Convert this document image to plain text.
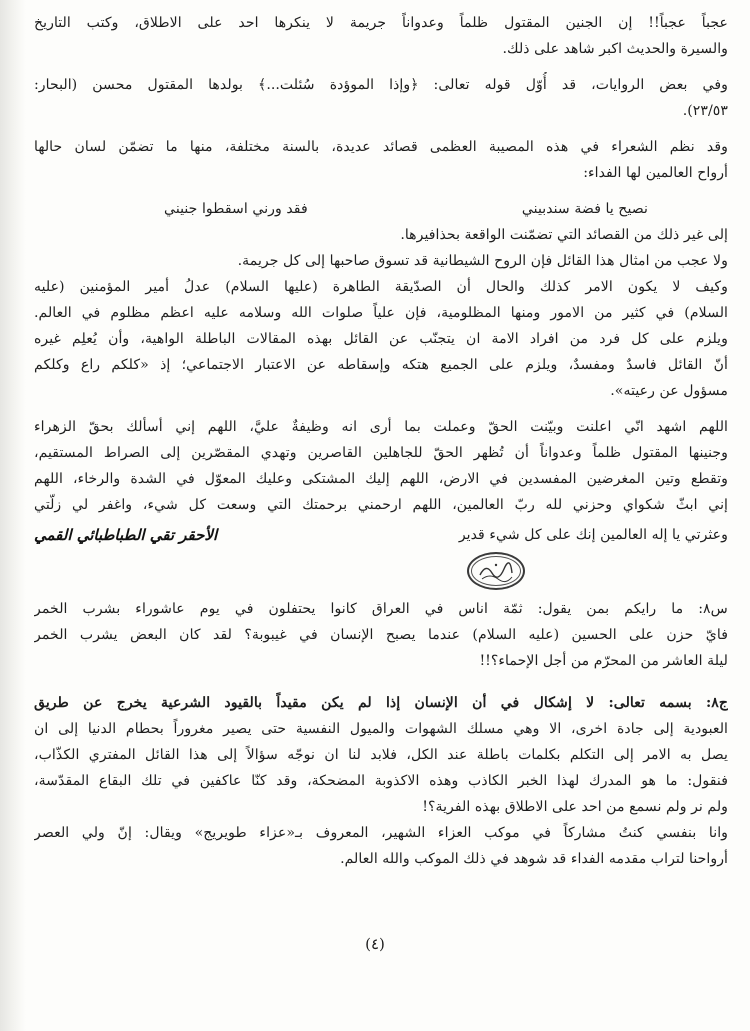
عجباً عجباً!! إن الجنين المقتول ظلماً وعدواناً جريمة لا ينكرها احد على الاطلاق، وكتب التاريخ
والسيرة والحديث اكبر شاهد على ذلك.
وفي بعض الروايات، قد أُوّل قوله تعالى: ﴿وإذا الموؤدة سُئلت...﴾ بولدها المقتول محسن (البحار:
٢٣/٥٣).
وقد نظم الشعراء في هذه المصيبة العظمى قصائد عديدة، بالسنة مختلفة، منها ما تضمّن لسان حالها
أرواح العالمين لها الفداء:
نصيح يا فضة سندبيني
فقد ورني اسقطوا جنيني
إلى غير ذلك من القصائد التي تضمّنت الواقعة بحذافيرها.
ولا عجب من امثال هذا القائل فإن الروح الشيطانية قد تسوق صاحبها إلى كل جريمة.
وكيف لا يكون الامر كذلك والحال أن الصدّيقة الطاهرة (عليها السلام) عدلُ أمير المؤمنين (عليه
السلام) في كثير من الامور ومنها المظلومية، فإن علياً صلوات الله وسلامه عليه اعظم مظلوم في العالم.
ويلزم على كل فرد من افراد الامة ان يتجنّب عن القائل بهذه المقالات الباطلة الواهية، وأن يُعلِم غيره
أنّ القائل فاسدٌ ومفسدٌ، ويلزم على الجميع هتكه وإسقاطه عن الاعتبار الاجتماعي؛ إذ «كلكم راع وكلكم
مسؤول عن رعيته».
اللهم اشهد انّي اعلنت وبيّنت الحقّ وعملت بما أرى انه وظيفةٌ عليَّ، اللهم إني أسألك بحقّ الزهراء
وجنينها المقتول ظلماً وعدواناً أن تُظهر الحقّ للجاهلين القاصرين وتهدي المقصّرين إلى الصراط المستقيم،
وتقطع وتين المغرضين المفسدين في الارض، اللهم إليك المشتكى وعليك المعوّل في الشدة والرخاء، اللهم
إني ابثّ شكواي وحزني لله ربّ العالمين، اللهم ارحمني برحمتك التي وسعت كل شيء، واغفر لي زلّتي
وعثرتي يا إله العالمين إنك على كل شيء قدير
الأحقر تقي الطباطبائي القمي
س٨: ما رايكم بمن يقول: ثمّة اناس في العراق كانوا يحتفلون في يوم عاشوراء بشرب الخمر
فايّ حزن على الحسين (عليه السلام) عندما يصبح الإنسان في غيبوبة؟ لقد كان البعض يشرب الخمر
ليلة العاشر من المحرّم من أجل الإحماء؟!!
ج٨: بسمه تعالى: لا إشكال في أن الإنسان إذا لم يكن مقيداً بالقيود الشرعية يخرج عن طريق
العبودية إلى جادة اخرى، الا وهي مسلك الشهوات والميول النفسية حتى يصير مغروراً بحطام الدنيا إلى ان
يصل به الامر إلى التكلم بكلمات باطلة عند الكل، فلابد لنا ان نوجّه سؤالاً إلى هذا القائل المفتري الكذّاب،
فنقول: ما هو المدرك لهذا الخبر الكاذب وهذه الاكذوبة المضحكة، وقد كنّا عاكفين في تلك البقاع المقدّسة،
ولم نر ولم نسمع من احد على الاطلاق بهذه الفرية؟!
وانا بنفسي كنتُ مشاركاً في موكب العزاء الشهير، المعروف بـ«عزاء طويريج» ويقال: إنّ ولي العصر
أرواحنا لتراب مقدمه الفداء قد شوهد في ذلك الموكب والله العالم.
(٤)
